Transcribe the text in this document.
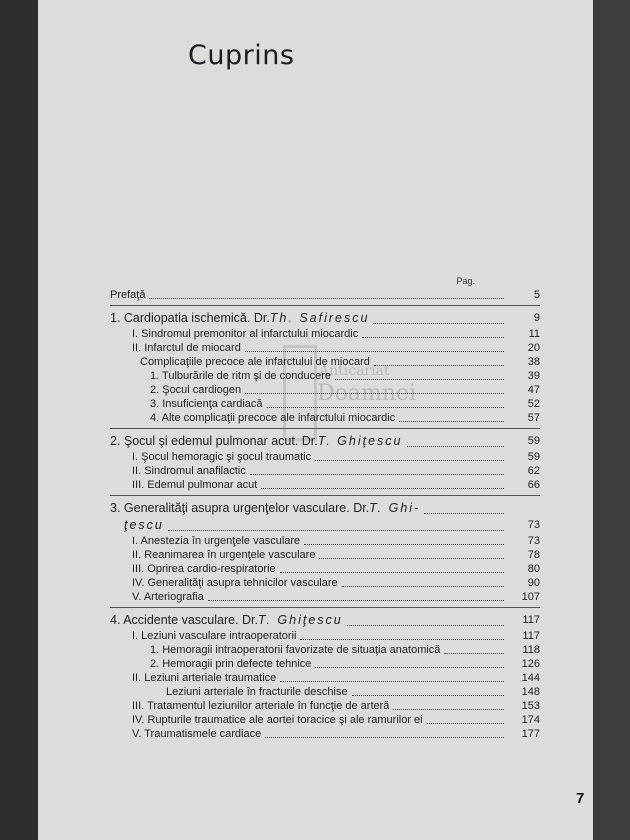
Cuprins
Anticariat
Doamnei
Pag.
Prefaţă	5
1. Cardiopatia ischemică. Dr. Th. Safirescu	9
I. Sindromul premonitor al infarctului miocardic	11
II. Infarctul de miocard	20
Complicaţiile precoce ale infarctului de miocard	38
1. Tulburările de ritm şi de conducere	39
2. Şocul cardiogen	47
3. Insuficienţa cardiacă	52
4. Alte complicaţii precoce ale infarctului miocardic	57
2. Şocul şi edemul pulmonar acut. Dr. T. Ghiţescu	59
I. Şocul hemoragic şi şocul traumatic	59
II. Sindromul anafilactic	62
III. Edemul pulmonar acut	66
3. Generalităţi asupra urgenţelor vasculare. Dr. T. Ghi-
ţescu	73
I. Anestezia în urgenţele vasculare	73
II. Reanimarea în urgenţele vasculare	78
III. Oprirea cardio-respiratorie	80
IV. Generalităţi asupra tehnicilor vasculare	90
V. Arteriografia	107
4. Accidente vasculare. Dr. T. Ghiţescu	117
I. Leziuni vasculare intraoperatorii	117
1. Hemoragii intraoperatorii favorizate de situaţia anatomică	118
2. Hemoragii prin defecte tehnice	126
II. Leziuni arteriale traumatice	144
Leziuni arteriale în fracturile deschise	148
III. Tratamentul leziunilor arteriale în funcţie de arteră	153
IV. Rupturile traumatice ale aortei toracice şi ale ramurilor ei	174
V. Traumatismele cardiace	177
7
